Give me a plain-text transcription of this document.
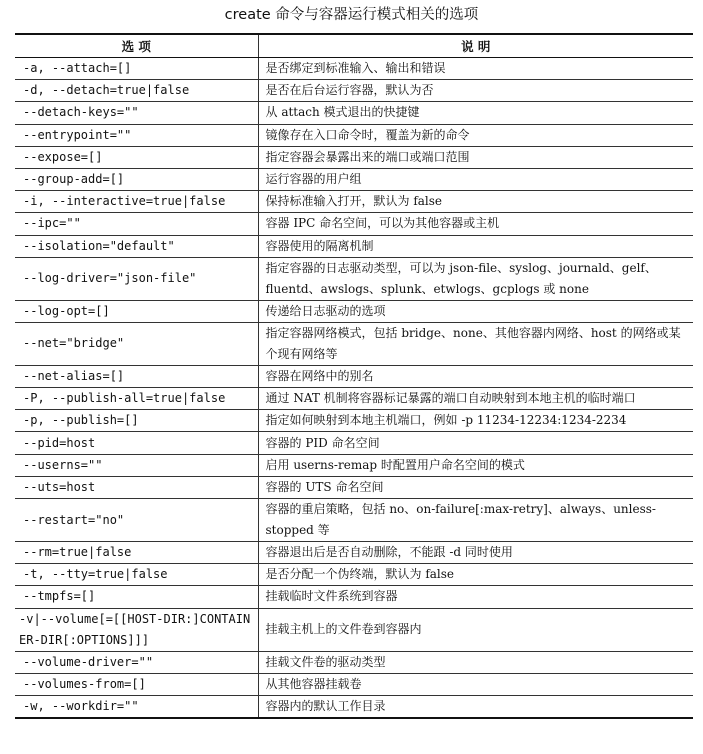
create 命令与容器运行模式相关的选项
选 项	说 明
-a, --attach=[]	是否绑定到标准输入、输出和错误
-d, --detach=true|false	是否在后台运行容器，默认为否
--detach-keys=""	从 attach 模式退出的快捷键
--entrypoint=""	镜像存在入口命令时，覆盖为新的命令
--expose=[]	指定容器会暴露出来的端口或端口范围
--group-add=[]	运行容器的用户组
-i, --interactive=true|false	保持标准输入打开，默认为 false
--ipc=""	容器 IPC 命名空间，可以为其他容器或主机
--isolation="default"	容器使用的隔离机制
--log-driver="json-file"	指定容器的日志驱动类型，可以为 json-file、syslog、journald、gelf、fluentd、awslogs、splunk、etwlogs、gcplogs 或 none
--log-opt=[]	传递给日志驱动的选项
--net="bridge"	指定容器网络模式，包括 bridge、none、其他容器内网络、host 的网络或某个现有网络等
--net-alias=[]	容器在网络中的别名
-P, --publish-all=true|false	通过 NAT 机制将容器标记暴露的端口自动映射到本地主机的临时端口
-p, --publish=[]	指定如何映射到本地主机端口，例如 -p 11234-12234:1234-2234
--pid=host	容器的 PID 命名空间
--userns=""	启用 userns-remap 时配置用户命名空间的模式
--uts=host	容器的 UTS 命名空间
--restart="no"	容器的重启策略，包括 no、on-failure[:max-retry]、always、unless-stopped 等
--rm=true|false	容器退出后是否自动删除，不能跟 -d 同时使用
-t, --tty=true|false	是否分配一个伪终端，默认为 false
--tmpfs=[]	挂载临时文件系统到容器
-v|--volume[=[[HOST-DIR:]CONTAINER-DIR[:OPTIONS]]]	挂载主机上的文件卷到容器内
--volume-driver=""	挂载文件卷的驱动类型
--volumes-from=[]	从其他容器挂载卷
-w, --workdir=""	容器内的默认工作目录
